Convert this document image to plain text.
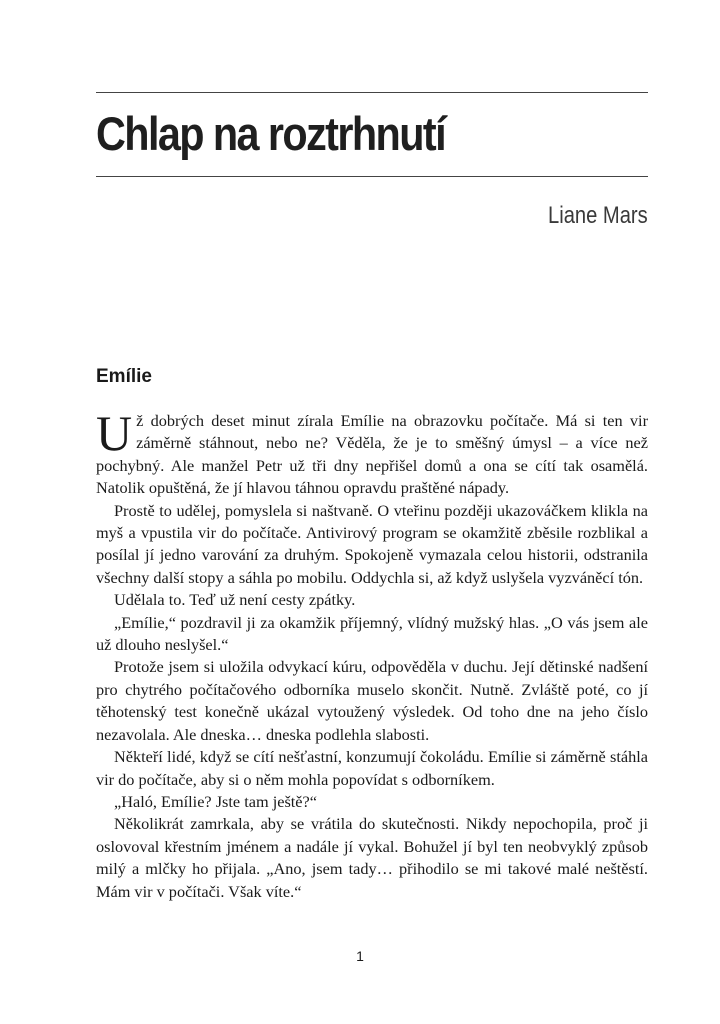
Chlap na roztrhnutí
Liane Mars
Emílie

Už dobrých deset minut zírala Emílie na obrazovku počítače. Má si ten vir záměrně stáhnout, nebo ne? Věděla, že je to směšný úmysl – a více než pochybný. Ale manžel Petr už tři dny nepřišel domů a ona se cítí tak osamělá. Natolik opuštěná, že jí hlavou táhnou opravdu praštěné nápady.

Prostě to udělej, pomyslela si naštvaně. O vteřinu později ukazováčkem klikla na myš a vpustila vir do počítače. Antivirový program se okamžitě zběsile rozblikal a posílal jí jedno varování za druhým. Spokojeně vymazala celou historii, odstranila všechny další stopy a sáhla po mobilu. Oddychla si, až když uslyšela vyzváněcí tón.

Udělala to. Teď už není cesty zpátky.

„Emílie,“ pozdravil ji za okamžik příjemný, vlídný mužský hlas. „O vás jsem ale už dlouho neslyšel.“

Protože jsem si uložila odvykací kúru, odpověděla v duchu. Její dětinské nadšení pro chytrého počítačového odborníka muselo skončit. Nutně. Zvláště poté, co jí těhotenský test konečně ukázal vytoužený výsledek. Od toho dne na jeho číslo nezavolala. Ale dneska… dneska podlehla slabosti.

Někteří lidé, když se cítí nešťastní, konzumují čokoládu. Emílie si záměrně stáhla vir do počítače, aby si o něm mohla popovídat s odborníkem.

„Haló, Emílie? Jste tam ještě?“

Několikrát zamrkala, aby se vrátila do skutečnosti. Nikdy nepochopila, proč ji oslovoval křestním jménem a nadále jí vykal. Bohužel jí byl ten neobvyklý způsob milý a mlčky ho přijala. „Ano, jsem tady… přihodilo se mi takové malé neštěstí. Mám vir v počítači. Však víte.“

1
